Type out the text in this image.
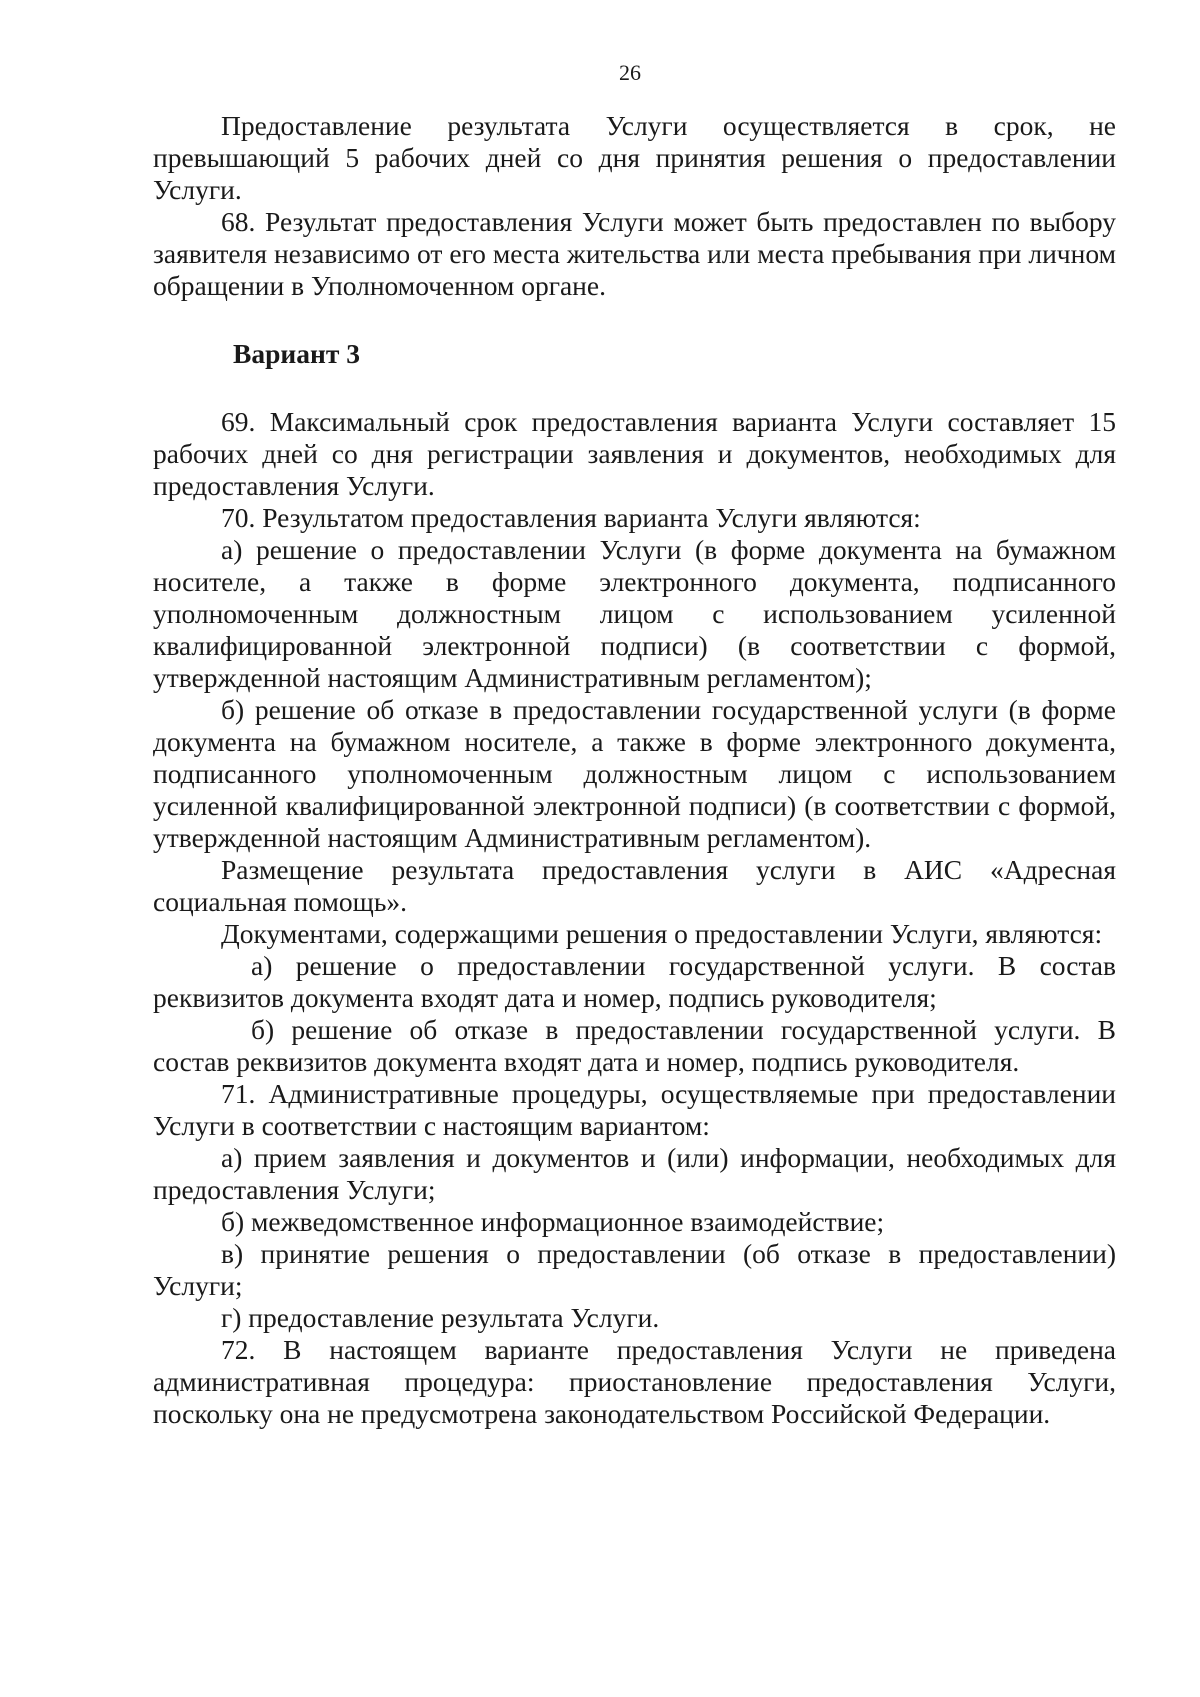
26

Предоставление результата Услуги осуществляется в срок, не превышающий 5 рабочих дней со дня принятия решения о предоставлении Услуги.

68. Результат предоставления Услуги может быть предоставлен по выбору заявителя независимо от его места жительства или места пребывания при личном обращении в Уполномоченном органе.

Вариант 3

69. Максимальный срок предоставления варианта Услуги составляет 15 рабочих дней со дня регистрации заявления и документов, необходимых для предоставления Услуги.

70. Результатом предоставления варианта Услуги являются:

а) решение о предоставлении Услуги (в форме документа на бумажном носителе, а также в форме электронного документа, подписанного уполномоченным должностным лицом с использованием усиленной квалифицированной электронной подписи) (в соответствии с формой, утвержденной настоящим Административным регламентом);

б) решение об отказе в предоставлении государственной услуги (в форме документа на бумажном носителе, а также в форме электронного документа, подписанного уполномоченным должностным лицом с использованием усиленной квалифицированной электронной подписи) (в соответствии с формой, утвержденной настоящим Административным регламентом).

Размещение результата предоставления услуги в АИС «Адресная социальная помощь».

Документами, содержащими решения о предоставлении Услуги, являются:

а) решение о предоставлении государственной услуги. В состав реквизитов документа входят дата и номер, подпись руководителя;

б) решение об отказе в предоставлении государственной услуги. В состав реквизитов документа входят дата и номер, подпись руководителя.

71. Административные процедуры, осуществляемые при предоставлении Услуги в соответствии с настоящим вариантом:

а) прием заявления и документов и (или) информации, необходимых для предоставления Услуги;

б) межведомственное информационное взаимодействие;

в) принятие решения о предоставлении (об отказе в предоставлении) Услуги;

г) предоставление результата Услуги.

72. В настоящем варианте предоставления Услуги не приведена административная процедура: приостановление предоставления Услуги, поскольку она не предусмотрена законодательством Российской Федерации.
